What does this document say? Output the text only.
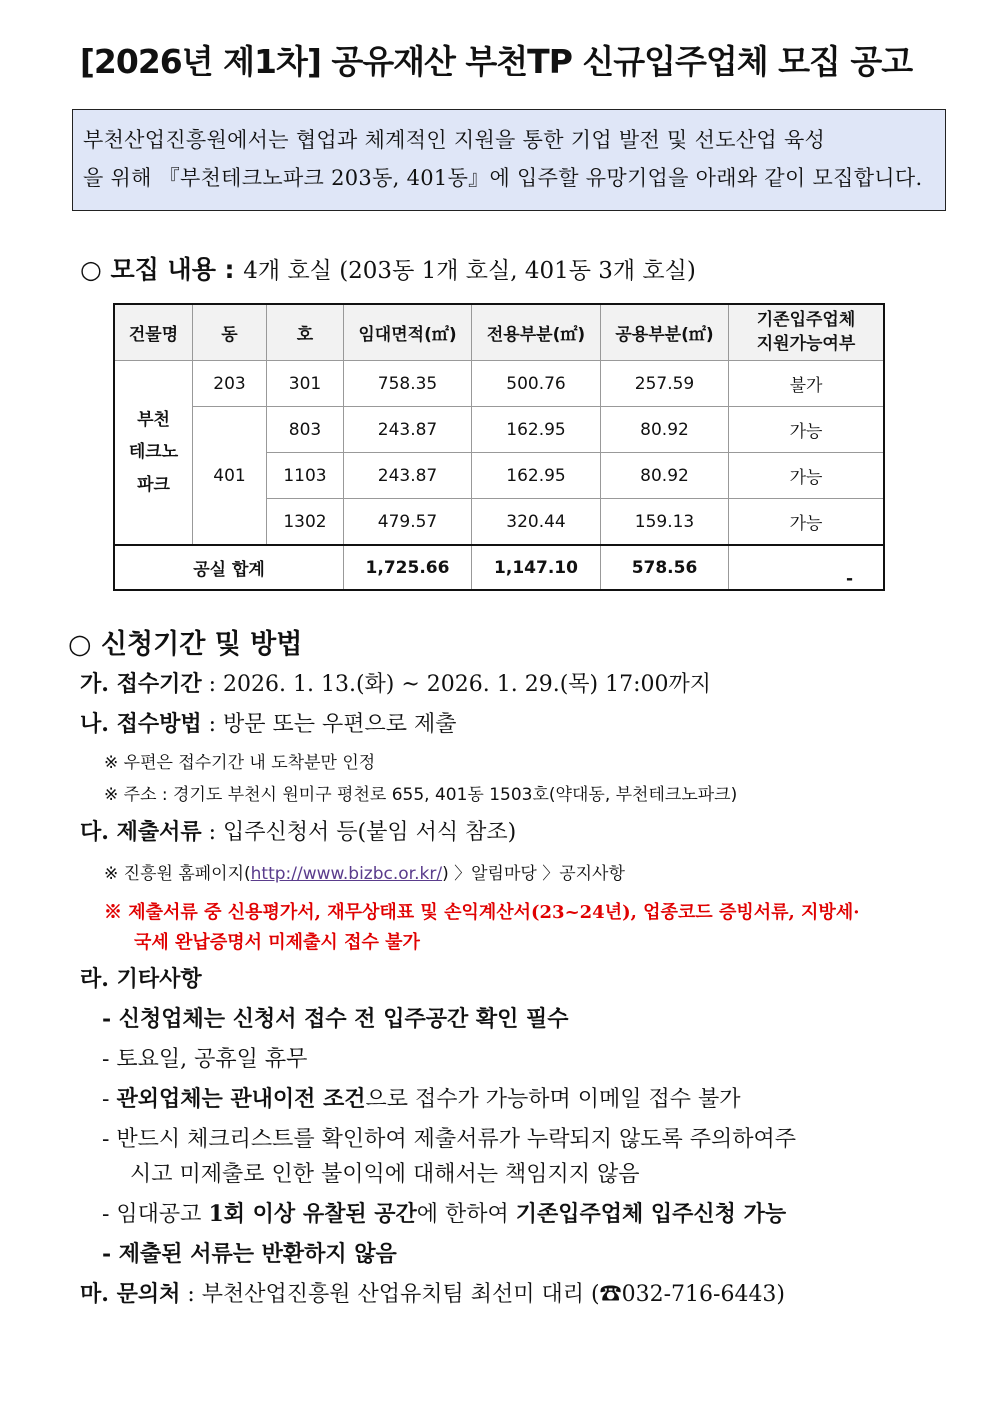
[2026년 제1차] 공유재산 부천TP 신규입주업체 모집 공고
부천산업진흥원에서는 협업과 체계적인 지원을 통한 기업 발전 및 선도산업 육성
을 위해 『부천테크노파크 203동, 401동』에 입주할 유망기업을 아래와 같이 모집합니다.
○ 모집 내용 : 4개 호실 (203동 1개 호실, 401동 3개 호실)
건물명	동	호	임대면적(㎡)	전용부분(㎡)	공용부분(㎡)	기존입주업체
지원가능여부
부천
테크노
파크	203	301	758.35	500.76	257.59	불가
	401	803	243.87	162.95	80.92	가능
		1103	243.87	162.95	80.92	가능
		1302	479.57	320.44	159.13	가능
공실 합계			1,725.66	1,147.10	578.56	-
○ 신청기간 및 방법
가. 접수기간 : 2026. 1. 13.(화) ~ 2026. 1. 29.(목) 17:00까지
나. 접수방법 : 방문 또는 우편으로 제출
※ 우편은 접수기간 내 도착분만 인정
※ 주소 : 경기도 부천시 원미구 평천로 655, 401동 1503호(약대동, 부천테크노파크)
다. 제출서류 : 입주신청서 등(붙임 서식 참조)
※ 진흥원 홈페이지(http://www.bizbc.or.kr/) 〉알림마당 〉공지사항
※ 제출서류 중 신용평가서, 재무상태표 및 손익계산서(23~24년), 업종코드 증빙서류, 지방세·
국세 완납증명서 미제출시 접수 불가
라. 기타사항
- 신청업체는 신청서 접수 전 입주공간 확인 필수
- 토요일, 공휴일 휴무
- 관외업체는 관내이전 조건으로 접수가 가능하며 이메일 접수 불가
- 반드시 체크리스트를 확인하여 제출서류가 누락되지 않도록 주의하여주
시고 미제출로 인한 불이익에 대해서는 책임지지 않음
- 임대공고 1회 이상 유찰된 공간에 한하여 기존입주업체 입주신청 가능
- 제출된 서류는 반환하지 않음
마. 문의처 : 부천산업진흥원 산업유치팀 최선미 대리 (☎032-716-6443)
